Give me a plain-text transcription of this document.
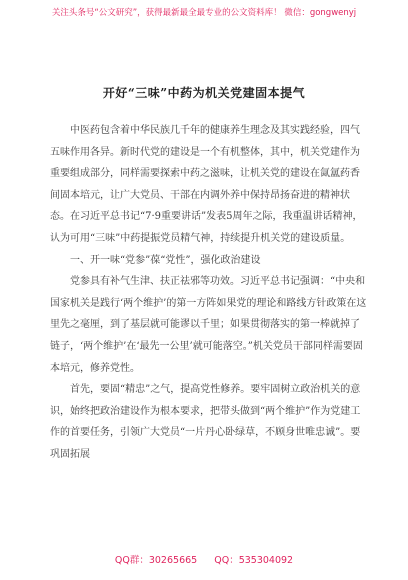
关注头条号“公文研究”，获得最新最全最专业的公文资料库！ 微信：gongwenyj
开好“三味”中药为机关党建固本提气

中医药包含着中华民族几千年的健康养生理念及其实践经验，四气五味作用各异。新时代党的建设是一个有机整体，其中，机关党建作为重要组成部分，同样需要探索中药之滋味，让机关党的建设在氤氲药香间固本培元，让广大党员、干部在内调外养中保持昂扬奋进的精神状态。在习近平总书记“7·9重要讲话”发表5周年之际，我重温讲话精神，认为可用“三味”中药提振党员精气神，持续提升机关党的建设质量。

一、开一味“党参”葆“党性”，强化政治建设

党参具有补气生津、扶正祛邪等功效。习近平总书记强调：“中央和国家机关是践行‘两个维护’的第一方阵如果党的理论和路线方针政策在这里先之毫厘，到了基层就可能谬以千里；如果贯彻落实的第一棒就掉了链子，‘两个维护’在‘最先一公里’就可能落空。”机关党员干部同样需要固本培元，修养党性。

首先，要固“精忠”之气，提高党性修养。要牢固树立政治机关的意识，始终把政治建设作为根本要求，把带头做到“两个维护”作为党建工作的首要任务，引领广大党员“一片丹心卧绿草，不顾身世唯忠诚”。要巩固拓展

QQ群：30265665 QQ：535304092
